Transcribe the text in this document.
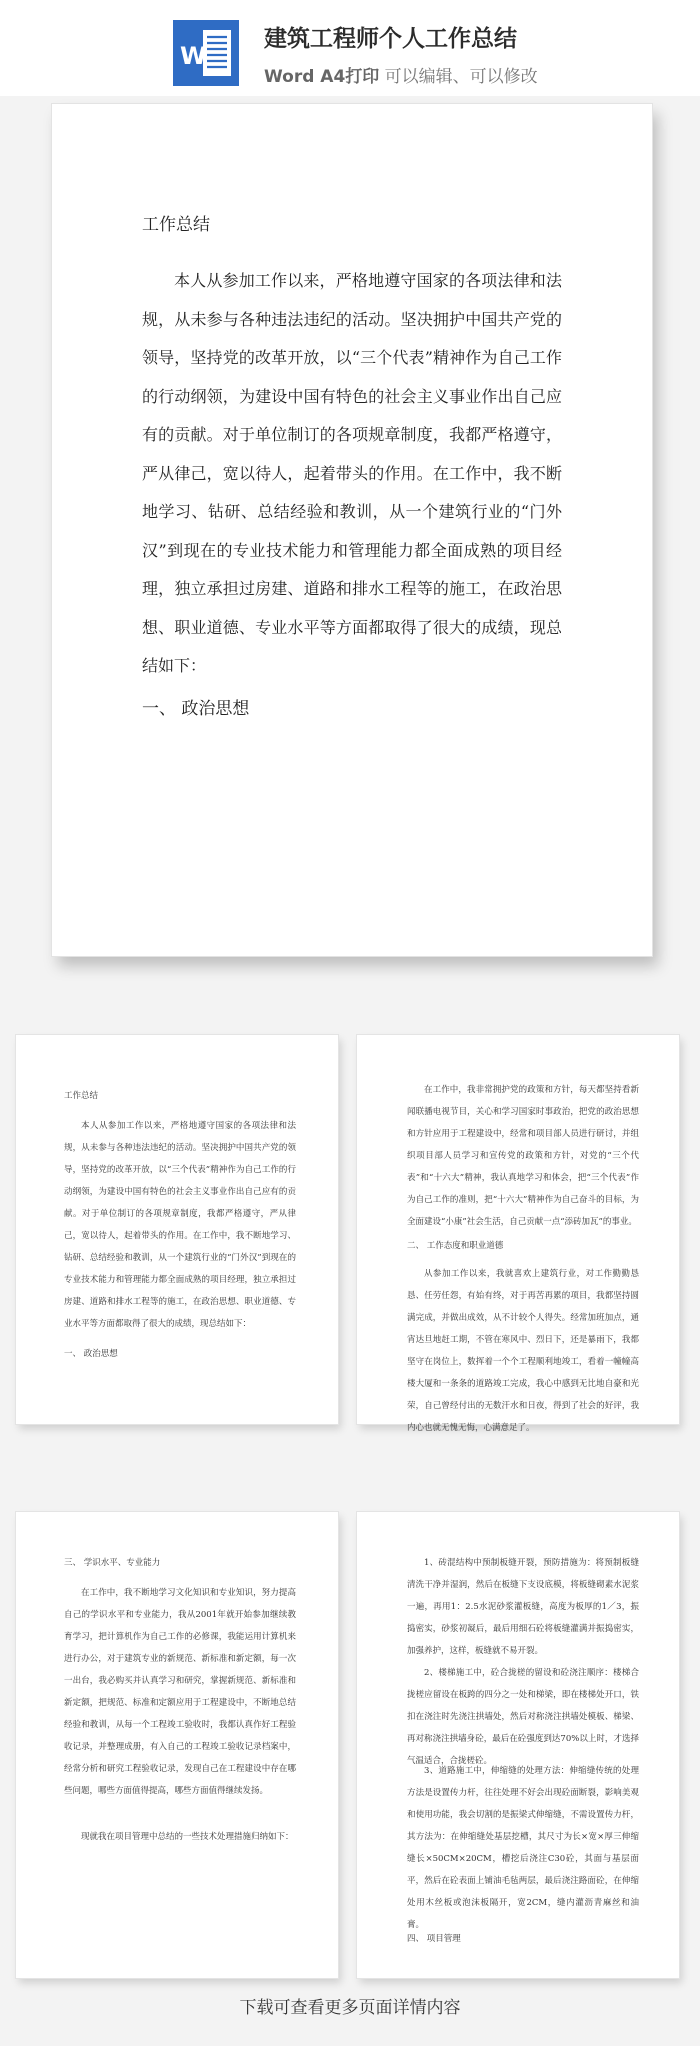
W
建筑工程师个人工作总结
Word A4打印 可以编辑、可以修改
工作总结
本人从参加工作以来，严格地遵守国家的各项法律和法规，从未参与各种违法违纪的活动。坚决拥护中国共产党的领导，坚持党的改革开放，以“三个代表”精神作为自己工作的行动纲领，为建设中国有特色的社会主义事业作出自己应有的贡献。对于单位制订的各项规章制度，我都严格遵守，严从律己，宽以待人，起着带头的作用。在工作中，我不断地学习、钻研、总结经验和教训，从一个建筑行业的“门外汉”到现在的专业技术能力和管理能力都全面成熟的项目经理，独立承担过房建、道路和排水工程等的施工，在政治思想、职业道德、专业水平等方面都取得了很大的成绩，现总结如下：
一、 政治思想
工作总结
本人从参加工作以来，严格地遵守国家的各项法律和法规，从未参与各种违法违纪的活动。坚决拥护中国共产党的领导，坚持党的改革开放，以“三个代表”精神作为自己工作的行动纲领，为建设中国有特色的社会主义事业作出自己应有的贡献。对于单位制订的各项规章制度，我都严格遵守，严从律己，宽以待人，起着带头的作用。在工作中，我不断地学习、钻研、总结经验和教训，从一个建筑行业的“门外汉”到现在的专业技术能力和管理能力都全面成熟的项目经理，独立承担过房建、道路和排水工程等的施工，在政治思想、职业道德、专业水平等方面都取得了很大的成绩，现总结如下：
一、 政治思想
在工作中，我非常拥护党的政策和方针，每天都坚持看新闻联播电视节目，关心和学习国家时事政治，把党的政治思想和方针应用于工程建设中，经常和项目部人员进行研讨，并组织项目部人员学习和宣传党的政策和方针，对党的“三个代表”和“十六大”精神，我认真地学习和体会，把“三个代表”作为自己工作的准则，把“十六大”精神作为自己奋斗的目标，为全面建设“小康”社会生活，自己贡献一点“添砖加瓦”的事业。
二、 工作态度和职业道德
从参加工作以来，我就喜欢上建筑行业，对工作勤勤恳恳、任劳任怨，有始有终，对于再苦再累的项目，我都坚持圆满完成，并做出成效，从不计较个人得失。经常加班加点，通宵达旦地赶工期，不管在寒风中、烈日下，还是暴雨下，我都坚守在岗位上，数挥着一个个工程顺利地竣工，看着一幢幢高楼大厦和一条条的道路竣工完成，我心中感到无比地自豪和光荣，自己曾经付出的无数汗水和日夜，得到了社会的好评，我内心也就无愧无悔，心满意足了。
三、 学识水平、专业能力
在工作中，我不断地学习文化知识和专业知识，努力提高自己的学识水平和专业能力，我从2001年就开始参加继续教育学习，把计算机作为自己工作的必修课，我能运用计算机来进行办公，对于建筑专业的新规范、新标准和新定额，每一次一出台，我必购买并认真学习和研究，掌握新规范、新标准和新定额，把规范、标准和定额应用于工程建设中，不断地总结经验和教训，从每一个工程竣工验收时，我都认真作好工程验收记录，并整理成册，有入自己的工程竣工验收记录档案中，经常分析和研究工程验收记录，发现自己在工程建设中存在哪些问题，哪些方面值得提高，哪些方面值得继续发扬。
现就我在项目管理中总结的一些技术处理措施归纳如下：
1、砖混结构中预制板缝开裂，预防措施为：将预制板缝清洗干净并湿润，然后在板缝下支设底模，将板缝砌素水泥浆一遍，再用1：2.5水泥砂浆灌板缝，高度为板厚的1／3，振捣密实，砂浆初凝后，最后用细石砼将板缝灌满并振捣密实，加强养护，这样，板缝就不易开裂。
2、楼梯施工中，砼合拢槎的留设和砼浇注顺序：楼梯合拢槎应留设在板跨的四分之一处和梯梁，即在楼梯处开口，铁扣在浇注时先浇注拱墙处，然后对称浇注拱墙处模板、梯梁、再对称浇注拱墙身砼，最后在砼强度到达70%以上时，才选择气温适合，合拢槎砼。
3、道路施工中，伸缩缝的处理方法：伸缩缝传统的处理方法是设置传力杆，往往处理不好会出现砼面断裂，影响美观和使用功能，我会切割的是振梁式伸缩缝，不需设置传力杆，其方法为：在伸缩缝处基层挖槽，其尺寸为长×宽×厚三伸缩缝长×50CM×20CM，槽挖后浇注C30砼，其面与基层面平，然后在砼表面上铺油毛毡两层，最后浇注路面砼，在伸缩处用木丝板或泡沫板隔开，宽2CM，缝内灌沥青麻丝和油膏。
四、 项目管理
下载可查看更多页面详情内容
